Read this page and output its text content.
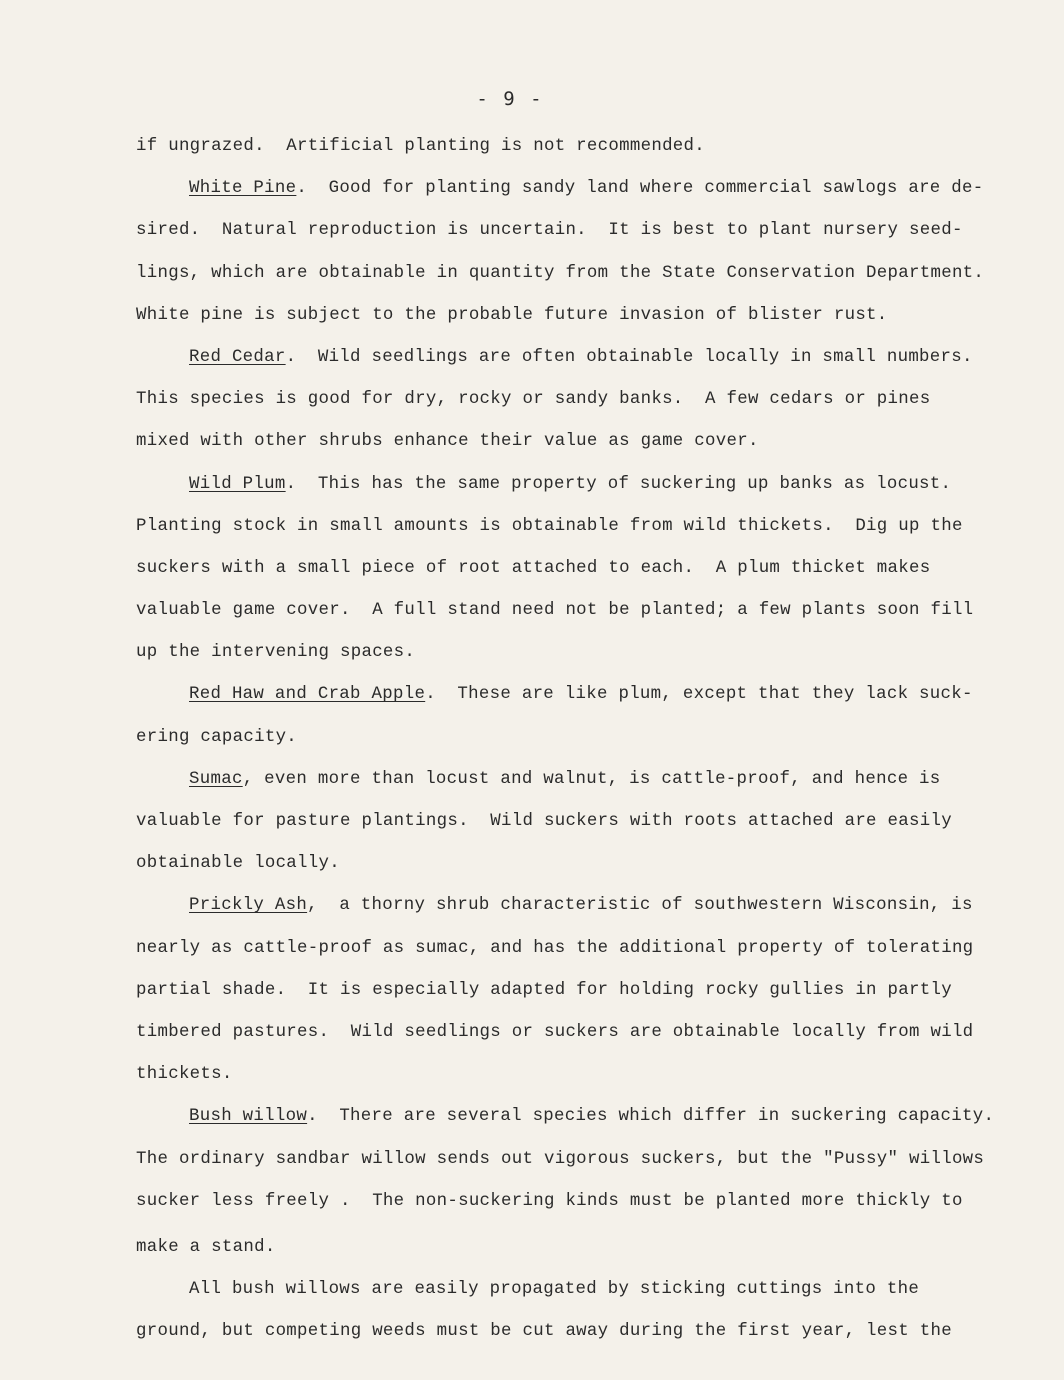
- 9 -
if ungrazed.  Artificial planting is not recommended.
White Pine.  Good for planting sandy land where commercial sawlogs are de-
sired.  Natural reproduction is uncertain.  It is best to plant nursery seed-
lings, which are obtainable in quantity from the State Conservation Department.
White pine is subject to the probable future invasion of blister rust.
Red Cedar.  Wild seedlings are often obtainable locally in small numbers.
This species is good for dry, rocky or sandy banks.  A few cedars or pines
mixed with other shrubs enhance their value as game cover.
Wild Plum.  This has the same property of suckering up banks as locust.
Planting stock in small amounts is obtainable from wild thickets.  Dig up the
suckers with a small piece of root attached to each.  A plum thicket makes
valuable game cover.  A full stand need not be planted; a few plants soon fill
up the intervening spaces.
Red Haw and Crab Apple.  These are like plum, except that they lack suck-
ering capacity.
Sumac, even more than locust and walnut, is cattle-proof, and hence is
valuable for pasture plantings.  Wild suckers with roots attached are easily
obtainable locally.
Prickly Ash,  a thorny shrub characteristic of southwestern Wisconsin, is
nearly as cattle-proof as sumac, and has the additional property of tolerating
partial shade.  It is especially adapted for holding rocky gullies in partly
timbered pastures.  Wild seedlings or suckers are obtainable locally from wild
thickets.
Bush willow.  There are several species which differ in suckering capacity.
The ordinary sandbar willow sends out vigorous suckers, but the "Pussy" willows
sucker less freely .  The non-suckering kinds must be planted more thickly to
make a stand.
All bush willows are easily propagated by sticking cuttings into the
ground, but competing weeds must be cut away during the first year, lest the
